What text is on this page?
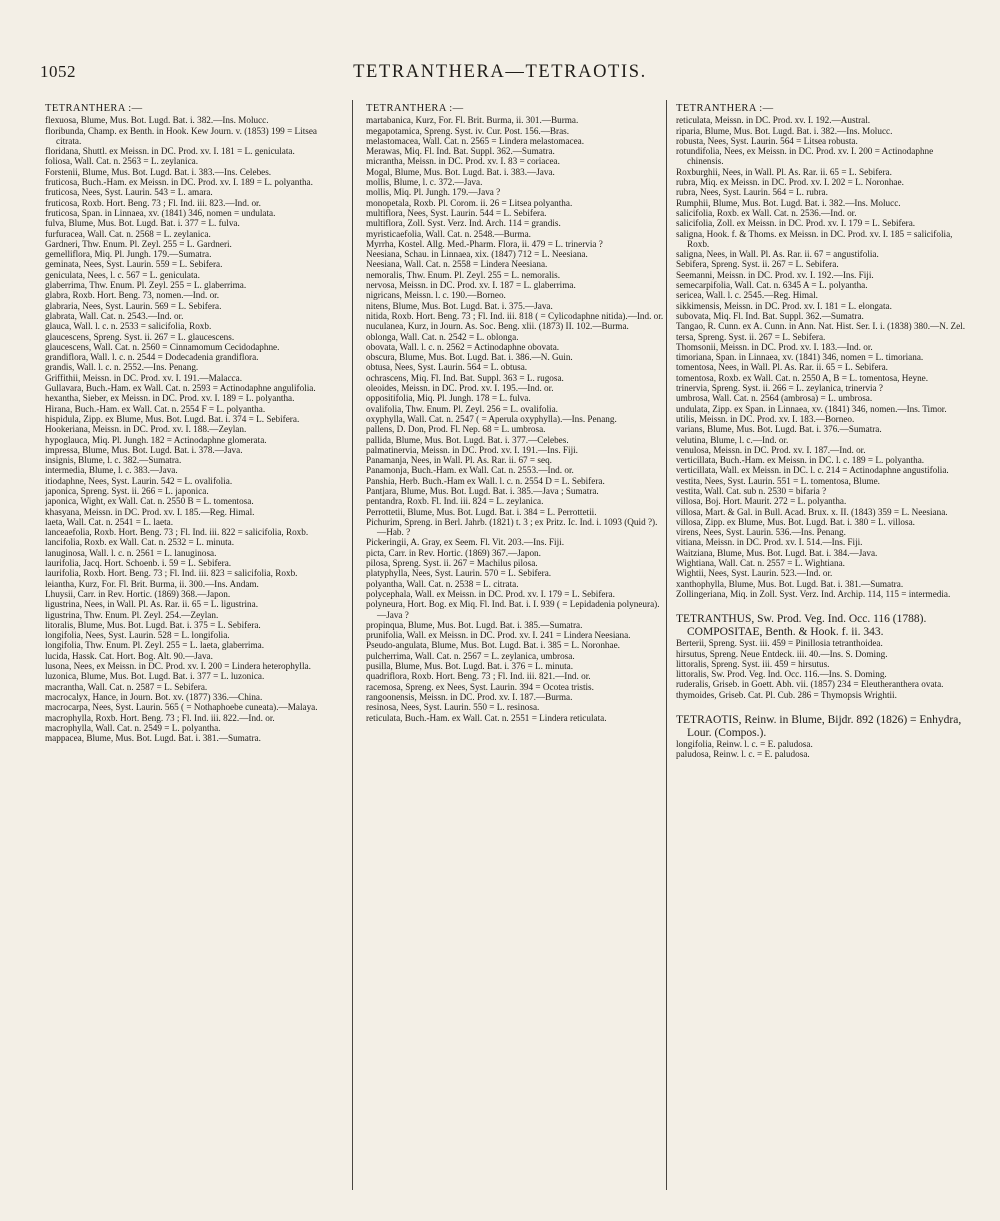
1052	TETRANTHERA—TETRAOTIS.
TETRANTHERA :—

flexuosa, Blume, Mus. Bot. Lugd. Bat. i. 382.—Ins. Molucc.

floribunda, Champ. ex Benth. in Hook. Kew Journ. v. (1853) 199 = Litsea citrata.

floridana, Shuttl. ex Meissn. in DC. Prod. xv. I. 181 = L. geniculata.

foliosa, Wall. Cat. n. 2563 = L. zeylanica.

Forstenii, Blume, Mus. Bot. Lugd. Bat. i. 383.—Ins. Celebes.

fruticosa, Buch.-Ham. ex Meissn. in DC. Prod. xv. I. 189 = L. polyantha.

fruticosa, Nees, Syst. Laurin. 543 = L. amara.

fruticosa, Roxb. Hort. Beng. 73 ; Fl. Ind. iii. 823.—Ind. or.

fruticosa, Span. in Linnaea, xv. (1841) 346, nomen = undulata.

fulva, Blume, Mus. Bot. Lugd. Bat. i. 377 = L. fulva.

furfuracea, Wall. Cat. n. 2568 = L. zeylanica.

Gardneri, Thw. Enum. Pl. Zeyl. 255 = L. Gardneri.

gemelliflora, Miq. Pl. Jungh. 179.—Sumatra.

geminata, Nees, Syst. Laurin. 559 = L. Sebifera.

geniculata, Nees, l. c. 567 = L. geniculata.

glaberrima, Thw. Enum. Pl. Zeyl. 255 = L. glaberrima.

glabra, Roxb. Hort. Beng. 73, nomen.—Ind. or.

glabraria, Nees, Syst. Laurin. 569 = L. Sebifera.

glabrata, Wall. Cat. n. 2543.—Ind. or.

glauca, Wall. l. c. n. 2533 = salicifolia, Roxb.

glaucescens, Spreng. Syst. ii. 267 = L. glaucescens.

glaucescens, Wall. Cat. n. 2560 = Cinnamomum Cecidodaphne.

grandiflora, Wall. l. c. n. 2544 = Dodecadenia grandiflora.

grandis, Wall. l. c. n. 2552.—Ins. Penang.

Griffithii, Meissn. in DC. Prod. xv. I. 191.—Malacca.

Gullavara, Buch.-Ham. ex Wall. Cat. n. 2593 = Actinodaphne angulifolia.

hexantha, Sieber, ex Meissn. in DC. Prod. xv. I. 189 = L. polyantha.

Hirana, Buch.-Ham. ex Wall. Cat. n. 2554 F = L. polyantha.

hispidula, Zipp. ex Blume, Mus. Bot. Lugd. Bat. i. 374 = L. Sebifera.

Hookeriana, Meissn. in DC. Prod. xv. I. 188.—Zeylan.

hypoglauca, Miq. Pl. Jungh. 182 = Actinodaphne glomerata.

impressa, Blume, Mus. Bot. Lugd. Bat. i. 378.—Java.

insignis, Blume, l. c. 382.—Sumatra.

intermedia, Blume, l. c. 383.—Java.

itiodaphne, Nees, Syst. Laurin. 542 = L. ovalifolia.

japonica, Spreng. Syst. ii. 266 = L. japonica.

japonica, Wight, ex Wall. Cat. n. 2550 B = L. tomentosa.

khasyana, Meissn. in DC. Prod. xv. I. 185.—Reg. Himal.

laeta, Wall. Cat. n. 2541 = L. laeta.

lanceaefolia, Roxb. Hort. Beng. 73 ; Fl. Ind. iii. 822 = salicifolia, Roxb.

lancifolia, Roxb. ex Wall. Cat. n. 2532 = L. minuta.

lanuginosa, Wall. l. c. n. 2561 = L. lanuginosa.

laurifolia, Jacq. Hort. Schoenb. i. 59 = L. Sebifera.

laurifolia, Roxb. Hort. Beng. 73 ; Fl. Ind. iii. 823 = salicifolia, Roxb.

leiantha, Kurz, For. Fl. Brit. Burma, ii. 300.—Ins. Andam.

Lhuysii, Carr. in Rev. Hortic. (1869) 368.—Japon.

ligustrina, Nees, in Wall. Pl. As. Rar. ii. 65 = L. ligustrina.

ligustrina, Thw. Enum. Pl. Zeyl. 254.—Zeylan.

litoralis, Blume, Mus. Bot. Lugd. Bat. i. 375 = L. Sebifera.

longifolia, Nees, Syst. Laurin. 528 = L. longifolia.

longifolia, Thw. Enum. Pl. Zeyl. 255 = L. laeta, glaberrima.

lucida, Hassk. Cat. Hort. Bog. Alt. 90.—Java.

lusona, Nees, ex Meissn. in DC. Prod. xv. I. 200 = Lindera heterophylla.

luzonica, Blume, Mus. Bot. Lugd. Bat. i. 377 = L. luzonica.

macrantha, Wall. Cat. n. 2587 = L. Sebifera.

macrocalyx, Hance, in Journ. Bot. xv. (1877) 336.—China.

macrocarpa, Nees, Syst. Laurin. 565 ( = Nothaphoebe cuneata).—Malaya.

macrophylla, Roxb. Hort. Beng. 73 ; Fl. Ind. iii. 822.—Ind. or.

macrophylla, Wall. Cat. n. 2549 = L. polyantha.

mappacea, Blume, Mus. Bot. Lugd. Bat. i. 381.—Sumatra.

TETRANTHERA :—

martabanica, Kurz, For. Fl. Brit. Burma, ii. 301.—Burma.

megapotamica, Spreng. Syst. iv. Cur. Post. 156.—Bras.

melastomacea, Wall. Cat. n. 2565 = Lindera melastomacea.

Merawas, Miq. Fl. Ind. Bat. Suppl. 362.—Sumatra.

micrantha, Meissn. in DC. Prod. xv. I. 83 = coriacea.

Mogal, Blume, Mus. Bot. Lugd. Bat. i. 383.—Java.

mollis, Blume, l. c. 372.—Java.

mollis, Miq. Pl. Jungh. 179.—Java ?

monopetala, Roxb. Pl. Corom. ii. 26 = Litsea polyantha.

multiflora, Nees, Syst. Laurin. 544 = L. Sebifera.

multiflora, Zoll. Syst. Verz. Ind. Arch. 114 = grandis.

myristicaefolia, Wall. Cat. n. 2548.—Burma.

Myrrha, Kostel. Allg. Med.-Pharm. Flora, ii. 479 = L. trinervia ?

Neesiana, Schau. in Linnaea, xix. (1847) 712 = L. Neesiana.

Neesiana, Wall. Cat. n. 2558 = Lindera Neesiana.

nemoralis, Thw. Enum. Pl. Zeyl. 255 = L. nemoralis.

nervosa, Meissn. in DC. Prod. xv. I. 187 = L. glaberrima.

nigricans, Meissn. l. c. 190.—Borneo.

nitens, Blume, Mus. Bot. Lugd. Bat. i. 375.—Java.

nitida, Roxb. Hort. Beng. 73 ; Fl. Ind. iii. 818 ( = Cylicodaphne nitida).—Ind. or.

nuculanea, Kurz, in Journ. As. Soc. Beng. xlii. (1873) II. 102.—Burma.

oblonga, Wall. Cat. n. 2542 = L. oblonga.

obovata, Wall. l. c. n. 2562 = Actinodaphne obovata.

obscura, Blume, Mus. Bot. Lugd. Bat. i. 386.—N. Guin.

obtusa, Nees, Syst. Laurin. 564 = L. obtusa.

ochrascens, Miq. Fl. Ind. Bat. Suppl. 363 = L. rugosa.

oleoides, Meissn. in DC. Prod. xv. I. 195.—Ind. or.

oppositifolia, Miq. Pl. Jungh. 178 = L. fulva.

ovalifolia, Thw. Enum. Pl. Zeyl. 256 = L. ovalifolia.

oxyphylla, Wall. Cat. n. 2547 ( = Aperula oxyphylla).—Ins. Penang.

pallens, D. Don, Prod. Fl. Nep. 68 = L. umbrosa.

pallida, Blume, Mus. Bot. Lugd. Bat. i. 377.—Celebes.

palmatinervia, Meissn. in DC. Prod. xv. I. 191.—Ins. Fiji.

Panamanja, Nees, in Wall. Pl. As. Rar. ii. 67 = seq.

Panamonja, Buch.-Ham. ex Wall. Cat. n. 2553.—Ind. or.

Panshia, Herb. Buch.-Ham ex Wall. l. c. n. 2554 D = L. Sebifera.

Pantjara, Blume, Mus. Bot. Lugd. Bat. i. 385.—Java ; Sumatra.

pentandra, Roxb. Fl. Ind. iii. 824 = L. zeylanica.

Perrottetii, Blume, Mus. Bot. Lugd. Bat. i. 384 = L. Perrottetii.

Pichurim, Spreng. in Berl. Jahrb. (1821) t. 3 ; ex Pritz. Ic. Ind. i. 1093 (Quid ?).—Hab. ?

Pickeringii, A. Gray, ex Seem. Fl. Vit. 203.—Ins. Fiji.

picta, Carr. in Rev. Hortic. (1869) 367.—Japon.

pilosa, Spreng. Syst. ii. 267 = Machilus pilosa.

platyphylla, Nees, Syst. Laurin. 570 = L. Sebifera.

polyantha, Wall. Cat. n. 2538 = L. citrata.

polycephala, Wall. ex Meissn. in DC. Prod. xv. I. 179 = L. Sebifera.

polyneura, Hort. Bog. ex Miq. Fl. Ind. Bat. i. I. 939 ( = Lepidadenia polyneura).—Java ?

propinqua, Blume, Mus. Bot. Lugd. Bat. i. 385.—Sumatra.

prunifolia, Wall. ex Meissn. in DC. Prod. xv. I. 241 = Lindera Neesiana.

Pseudo-angulata, Blume, Mus. Bot. Lugd. Bat. i. 385 = L. Noronhae.

pulcherrima, Wall. Cat. n. 2567 = L. zeylanica, umbrosa.

pusilla, Blume, Mus. Bot. Lugd. Bat. i. 376 = L. minuta.

quadriflora, Roxb. Hort. Beng. 73 ; Fl. Ind. iii. 821.—Ind. or.

racemosa, Spreng. ex Nees, Syst. Laurin. 394 = Ocotea tristis.

rangoonensis, Meissn. in DC. Prod. xv. I. 187.—Burma.

resinosa, Nees, Syst. Laurin. 550 = L. resinosa.

reticulata, Buch.-Ham. ex Wall. Cat. n. 2551 = Lindera reticulata.

TETRANTHERA :—

reticulata, Meissn. in DC. Prod. xv. I. 192.—Austral.

riparia, Blume, Mus. Bot. Lugd. Bat. i. 382.—Ins. Molucc.

robusta, Nees, Syst. Laurin. 564 = Litsea robusta.

rotundifolia, Nees, ex Meissn. in DC. Prod. xv. I. 200 = Actinodaphne chinensis.

Roxburghii, Nees, in Wall. Pl. As. Rar. ii. 65 = L. Sebifera.

rubra, Miq. ex Meissn. in DC. Prod. xv. I. 202 = L. Noronhae.

rubra, Nees, Syst. Laurin. 564 = L. rubra.

Rumphii, Blume, Mus. Bot. Lugd. Bat. i. 382.—Ins. Molucc.

salicifolia, Roxb. ex Wall. Cat. n. 2536.—Ind. or.

salicifolia, Zoll. ex Meissn. in DC. Prod. xv. I. 179 = L. Sebifera.

saligna, Hook. f. & Thoms. ex Meissn. in DC. Prod. xv. I. 185 = salicifolia, Roxb.

saligna, Nees, in Wall. Pl. As. Rar. ii. 67 = angustifolia.

Sebifera, Spreng. Syst. ii. 267 = L. Sebifera.

Seemanni, Meissn. in DC. Prod. xv. I. 192.—Ins. Fiji.

semecarpifolia, Wall. Cat. n. 6345 A = L. polyantha.

sericea, Wall. l. c. 2545.—Reg. Himal.

sikkimensis, Meissn. in DC. Prod. xv. I. 181 = L. elongata.

subovata, Miq. Fl. Ind. Bat. Suppl. 362.—Sumatra.

Tangao, R. Cunn. ex A. Cunn. in Ann. Nat. Hist. Ser. I. i. (1838) 380.—N. Zel.

tersa, Spreng. Syst. ii. 267 = L. Sebifera.

Thomsonii, Meissn. in DC. Prod. xv. I. 183.—Ind. or.

timoriana, Span. in Linnaea, xv. (1841) 346, nomen = L. timoriana.

tomentosa, Nees, in Wall. Pl. As. Rar. ii. 65 = L. Sebifera.

tomentosa, Roxb. ex Wall. Cat. n. 2550 A, B = L. tomentosa, Heyne.

trinervia, Spreng. Syst. ii. 266 = L. zeylanica, trinervia ?

umbrosa, Wall. Cat. n. 2564 (ambrosa) = L. umbrosa.

undulata, Zipp. ex Span. in Linnaea, xv. (1841) 346, nomen.—Ins. Timor.

utilis, Meissn. in DC. Prod. xv. I. 183.—Borneo.

varians, Blume, Mus. Bot. Lugd. Bat. i. 376.—Sumatra.

velutina, Blume, l. c.—Ind. or.

venulosa, Meissn. in DC. Prod. xv. I. 187.—Ind. or.

verticillata, Buch.-Ham. ex Meissn. in DC. l. c. 189 = L. polyantha.

verticillata, Wall. ex Meissn. in DC. l. c. 214 = Actinodaphne angustifolia.

vestita, Nees, Syst. Laurin. 551 = L. tomentosa, Blume.

vestita, Wall. Cat. sub n. 2530 = bifaria ?

villosa, Boj. Hort. Maurit. 272 = L. polyantha.

villosa, Mart. & Gal. in Bull. Acad. Brux. x. II. (1843) 359 = L. Neesiana.

villosa, Zipp. ex Blume, Mus. Bot. Lugd. Bat. i. 380 = L. villosa.

virens, Nees, Syst. Laurin. 536.—Ins. Penang.

vitiana, Meissn. in DC. Prod. xv. I. 514.—Ins. Fiji.

Waitziana, Blume, Mus. Bot. Lugd. Bat. i. 384.—Java.

Wightiana, Wall. Cat. n. 2557 = L. Wightiana.

Wightii, Nees, Syst. Laurin. 523.—Ind. or.

xanthophylla, Blume, Mus. Bot. Lugd. Bat. i. 381.—Sumatra.

Zollingeriana, Miq. in Zoll. Syst. Verz. Ind. Archip. 114, 115 = intermedia.

TETRANTHUS, Sw. Prod. Veg. Ind. Occ. 116 (1788). COMPOSITAE, Benth. & Hook. f. ii. 343.

Berterii, Spreng. Syst. iii. 459 = Pinillosia tetranthoidea.

hirsutus, Spreng. Neue Entdeck. iii. 40.—Ins. S. Doming.

littoralis, Spreng. Syst. iii. 459 = hirsutus.

littoralis, Sw. Prod. Veg. Ind. Occ. 116.—Ins. S. Doming.

ruderalis, Griseb. in Goett. Abh. vii. (1857) 234 = Eleutheranthera ovata.

thymoides, Griseb. Cat. Pl. Cub. 286 = Thymopsis Wrightii.

TETRAOTIS, Reinw. in Blume, Bijdr. 892 (1826) = Enhydra, Lour. (Compos.).

longifolia, Reinw. l. c. = E. paludosa.

paludosa, Reinw. l. c. = E. paludosa.
